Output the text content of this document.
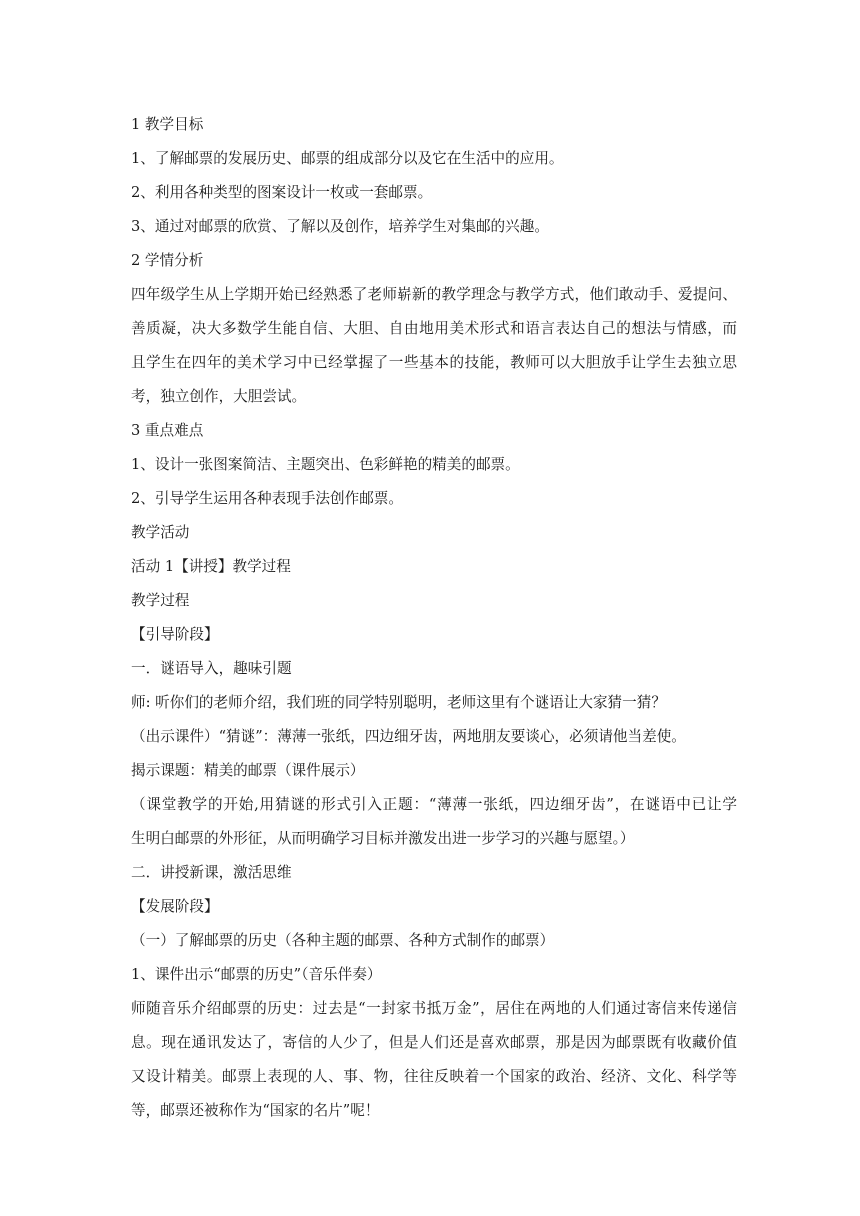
1 教学目标

1、了解邮票的发展历史、邮票的组成部分以及它在生活中的应用。

2、利用各种类型的图案设计一枚或一套邮票。

3、通过对邮票的欣赏、了解以及创作，培养学生对集邮的兴趣。

2 学情分析

四年级学生从上学期开始已经熟悉了老师崭新的教学理念与教学方式，他们敢动手、爱提问、
善质凝，决大多数学生能自信、大胆、自由地用美术形式和语言表达自己的想法与情感，而
且学生在四年的美术学习中已经掌握了一些基本的技能，教师可以大胆放手让学生去独立思
考，独立创作，大胆尝试。

3 重点难点

1、设计一张图案简洁、主题突出、色彩鲜艳的精美的邮票。

2、引导学生运用各种表现手法创作邮票。

教学活动

活动 1【讲授】教学过程

教学过程

【引导阶段】

一．谜语导入，趣味引题

师: 听你们的老师介绍，我们班的同学特别聪明，老师这里有个谜语让大家猜一猜？

（出示课件）“猜谜”：薄薄一张纸，四边细牙齿，两地朋友要谈心，必须请他当差使。

揭示课题：精美的邮票（课件展示）

（课堂教学的开始,用猜谜的形式引入正题：“薄薄一张纸，四边细牙齿”，在谜语中已让学
生明白邮票的外形征，从而明确学习目标并激发出进一步学习的兴趣与愿望。）

二．讲授新课，激活思维

【发展阶段】

（一）了解邮票的历史（各种主题的邮票、各种方式制作的邮票）

1、课件出示“邮票的历史”（音乐伴奏）

师随音乐介绍邮票的历史：过去是“一封家书抵万金”，居住在两地的人们通过寄信来传递信
息。现在通讯发达了，寄信的人少了，但是人们还是喜欢邮票，那是因为邮票既有收藏价值
又设计精美。邮票上表现的人、事、物，往往反映着一个国家的政治、经济、文化、科学等
等，邮票还被称作为“国家的名片”呢！
